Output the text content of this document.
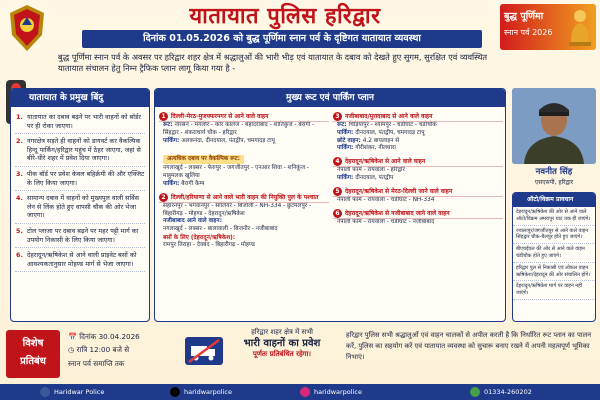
यातायात पुलिस हरिद्वार
दिनांक 01.05.2026 को बुद्ध पूर्णिमा स्नान पर्व के दृष्टिगत यातायात व्यवस्था
बुद्ध पूर्णिमा स्नान पर्व के अवसर पर हरिद्वार शहर क्षेत्र में श्रद्धालुओं की भारी भीड़ एवं यातायात के दबाव को देखते हुए सुगम, सुरक्षित एवं व्यवस्थित यातायात संचालन हेतु निम्न ट्रैफिक प्लान लागू किया गया है -
बुद्ध पूर्णिमा
स्नान पर्व 2026
यातायात के प्रमुख बिंदु
1. यातायात का दबाव बढ़ने पर भारी वाहनों को बॉर्डर पर ही रोका जाएगा।
2. नगरक्षेत्र सड़ते ही वाहनों को डायवर्ट कर वैकल्पिक हिन्दू पार्किंग/हरिद्वार पहुंच में ठेहर जाएगा, जहां से बीरे-धीरे शहर में प्रवेश दिया जाएगा।
3. पीक बॉर्ड पर प्रवेश केवल बहिर्क्रमी की और एक्जिट के लिए किया जाएगा।
4. सामान्य दबाव में वाहनों को मुख्यपुल वाली सर्विस लेन से लिंक होते हुए वापसी चौक की ओर भेजा जाएगा।
5. टोल प्लाजा पर दबाव बढ़ने पर महर पट्टी मार्ग का उपयोग निकासी के लिए किया जाएगा।
6. देहरादून/ऋषिकेश से आने वाली प्राइवेट बसों को आवश्यकतानुसार मोहण्ड मार्ग से भेजा जाएगा।
मुख्य रूट एवं पार्किंग प्लान
1 दिल्ली-मेरठ-मुजफ्फरनगर से आने वाले वाहन
रूट: नारसन - मंगलौर - कोर कालेज - बहादराबाद - शांतिकुंज - बैरागी - सिंहद्वार - शंकराचार्य चौक - हरिद्वार
पार्किंग: अलकनंदा, दीनदयाल, पंतद्वीप, चमगादड़ टापू
अत्यधिक दबाव पर वैकल्पिक रूट:
नगलाखुर्द - लक्सर - फेरुपुर - जगजीतपुर - एनआर शिवा - शनिकुंज - माहुमलक खुलिया
पार्किंग: बैरागी कैम्प
2 दिल्ली/हरियाणा से आने वाले भारी वाहन की नियुक्ति पुल के पश्चात
सहारनपुर - भगवानपुर - सालियर - बिजोली - NH-334 - छुटमलपुर - बिहारीगढ़ - मोहण्ड - देहरादून/ऋषिकेश
नजीबाबाद आने वाले वाहन:
नगलाखुर्द - लक्सर - बालावाली - बिजनौर - नजीबाबाद
बसों के लिए (देहरादून/ऋषिकेश):
रामपुर तिराहा - देवबंद - बिहारीगढ़ - मोहण्ड
3 नजीबाबाद/मुरादाबाद से आने वाले वाहन
रूट: चिड़ियापुर - श्यामपुर - चंडीघाट - चंडीचौक
पार्किंग: दीनदयाल, पंतद्वीप, चमगादड़ टापू
छोटे वाहन: 4.2 बायलाइन से
पार्किंग: गौरीशंकर, नीलधारा
4 देहरादून/ऋषिकेश से आने वाले वाहन
नेपाली फार्म - रायवाला - हरिद्वार
पार्किंग: दीनदयाल, पंतद्वीप
5 देहरादून/ऋषिकेश से मेरठ-दिल्ली जाने वाले वाहन
नेपाली फार्म - रायवाला - चंडीघाट - NH-334
6 देहरादून/ऋषिकेश से नजीबाबाद जाने वाले वाहन
नेपाली फार्म - रायवाला - चंडीघाट - नजीबाबाद
नवनीत सिंह
एसएसपी, हरिद्वार
ऑटो/विक्रम प्रावधान
देहरादून/ऋषिकेश की ओर से आने वाले ऑटो/विक्रम अमरापुर घाट तक ही जाएंगे।
ज्वालापुर/जगजीतपुर से आने वाले वाहन सिंहद्वार चौक-चैलपुर होते हुए जाएंगे।
बीएचईएल की ओर से आने वाले वाहन चंडीचौक होते हुए जाएंगे।
हरिद्वार पुल से निकासी एवं लोकल वाहन ऋषिकेश/देहरादून की ओर संचालित होंगे।
देहरादून/ऋषिकेश मार्ग पर वाहन नहीं जाएंगे।
विशेष
प्रतिबंध
📅 दिनांक 30.04.2026
◷ रात्रि 12:00 बजे से
स्नान पर्व समाप्ति तक
हरिद्वार शहर क्षेत्र में सभी
भारी वाहनों का प्रवेश
पूर्णतः प्रतिबंधित रहेगा।
हरिद्वार पुलिस सभी श्रद्धालुओं एवं वाहन चालकों से अपील करती है कि निर्धारित रूट प्लान का पालन करें, पुलिस का सहयोग करें एवं यातायात व्यवस्था को सुचारू बनाए रखने में अपनी महत्वपूर्ण भूमिका निभाएं।
Haridwar Police	haridwarpolice	haridwarpolice	01334-260202
